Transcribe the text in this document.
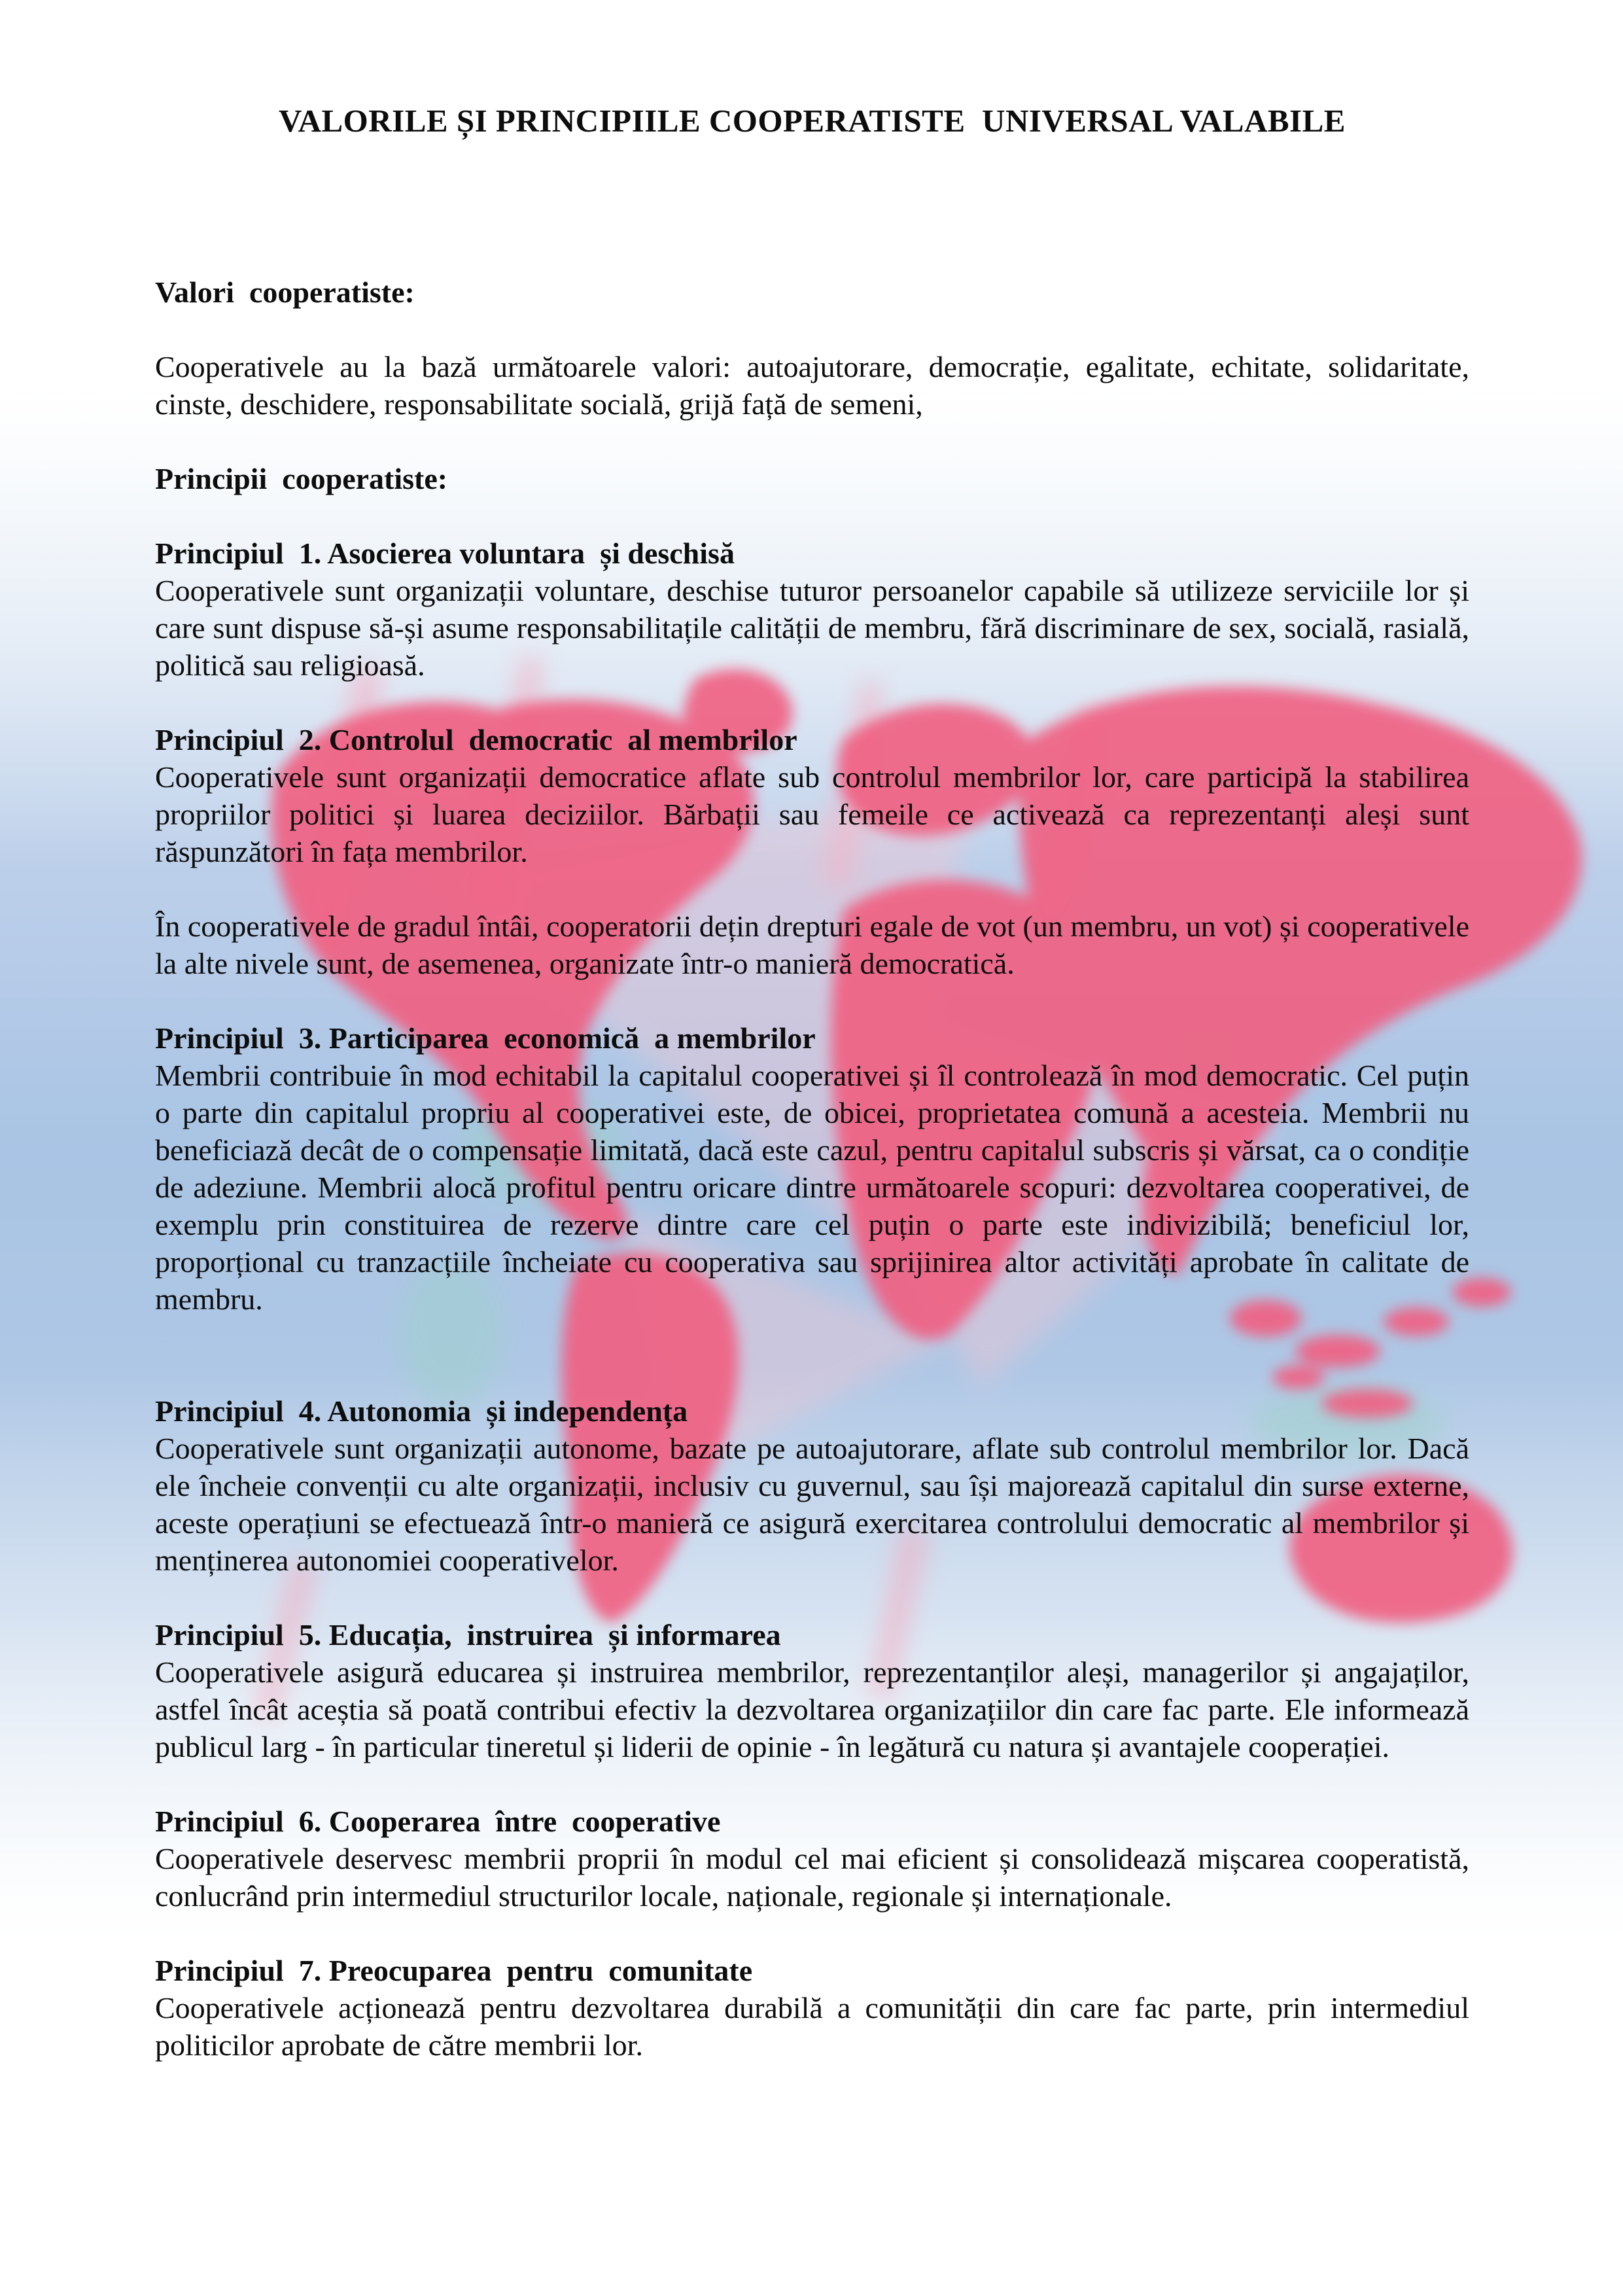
VALORILE ȘI PRINCIPIILE COOPERATISTE  UNIVERSAL VALABILE
Valori  cooperatiste:

Cooperativele au la bază următoarele valori: autoajutorare, democrație, egalitate, echitate, solidaritate, cinste, deschidere, responsabilitate socială, grijă față de semeni,

Principii  cooperatiste:
Principiul  1. Asocierea voluntara  și deschisă

Cooperativele sunt organizații voluntare, deschise tuturor persoanelor capabile să utilizeze serviciile lor și care sunt dispuse să-și asume responsabilitațile calității de membru, fără discriminare de sex, socială, rasială, politică sau religioasă.

Principiul  2. Controlul  democratic  al membrilor

Cooperativele sunt organizații democratice aflate sub controlul membrilor lor, care participă la stabilirea propriilor politici și luarea deciziilor. Bărbații sau femeile ce activează ca reprezentanți aleși sunt răspunzători în fața membrilor.

În cooperativele de gradul întâi, cooperatorii dețin drepturi egale de vot (un membru, un vot) și cooperativele la alte nivele sunt, de asemenea, organizate într-o manieră democratică.

Principiul  3. Participarea  economică  a membrilor

Membrii contribuie în mod echitabil la capitalul cooperativei și îl controlează în mod democratic. Cel puțin o parte din capitalul propriu al cooperativei este, de obicei, proprietatea comună a acesteia. Membrii nu beneficiază decât de o compensație limitată, dacă este cazul, pentru capitalul subscris și vărsat, ca o condiție de adeziune. Membrii alocă profitul pentru oricare dintre următoarele scopuri: dezvoltarea cooperativei, de exemplu prin constituirea de rezerve dintre care cel puțin o parte este indivizibilă; beneficiul lor, proporțional cu tranzacțiile încheiate cu cooperativa sau sprijinirea altor activități aprobate în calitate de membru.

Principiul  4. Autonomia  și independența

Cooperativele sunt organizații autonome, bazate pe autoajutorare, aflate sub controlul membrilor lor. Dacă ele încheie convenții cu alte organizații, inclusiv cu guvernul, sau își majorează capitalul din surse externe, aceste operațiuni se efectuează într-o manieră ce asigură exercitarea controlului democratic al membrilor și menținerea autonomiei cooperativelor.

Principiul  5. Educația,  instruirea  și informarea

Cooperativele asigură educarea și instruirea membrilor, reprezentanților aleși, managerilor și angajaților, astfel încât aceștia să poată contribui efectiv la dezvoltarea organizațiilor din care fac parte. Ele informează publicul larg - în particular tineretul și liderii de opinie - în legătură cu natura și avantajele cooperației.

Principiul  6. Cooperarea  între  cooperative

Cooperativele deservesc membrii proprii în modul cel mai eficient și consolidează mișcarea cooperatistă, conlucrând prin intermediul structurilor locale, naționale, regionale și internaționale.

Principiul  7. Preocuparea  pentru  comunitate

Cooperativele acționează pentru dezvoltarea durabilă a comunității din care fac parte, prin intermediul politicilor aprobate de către membrii lor.
